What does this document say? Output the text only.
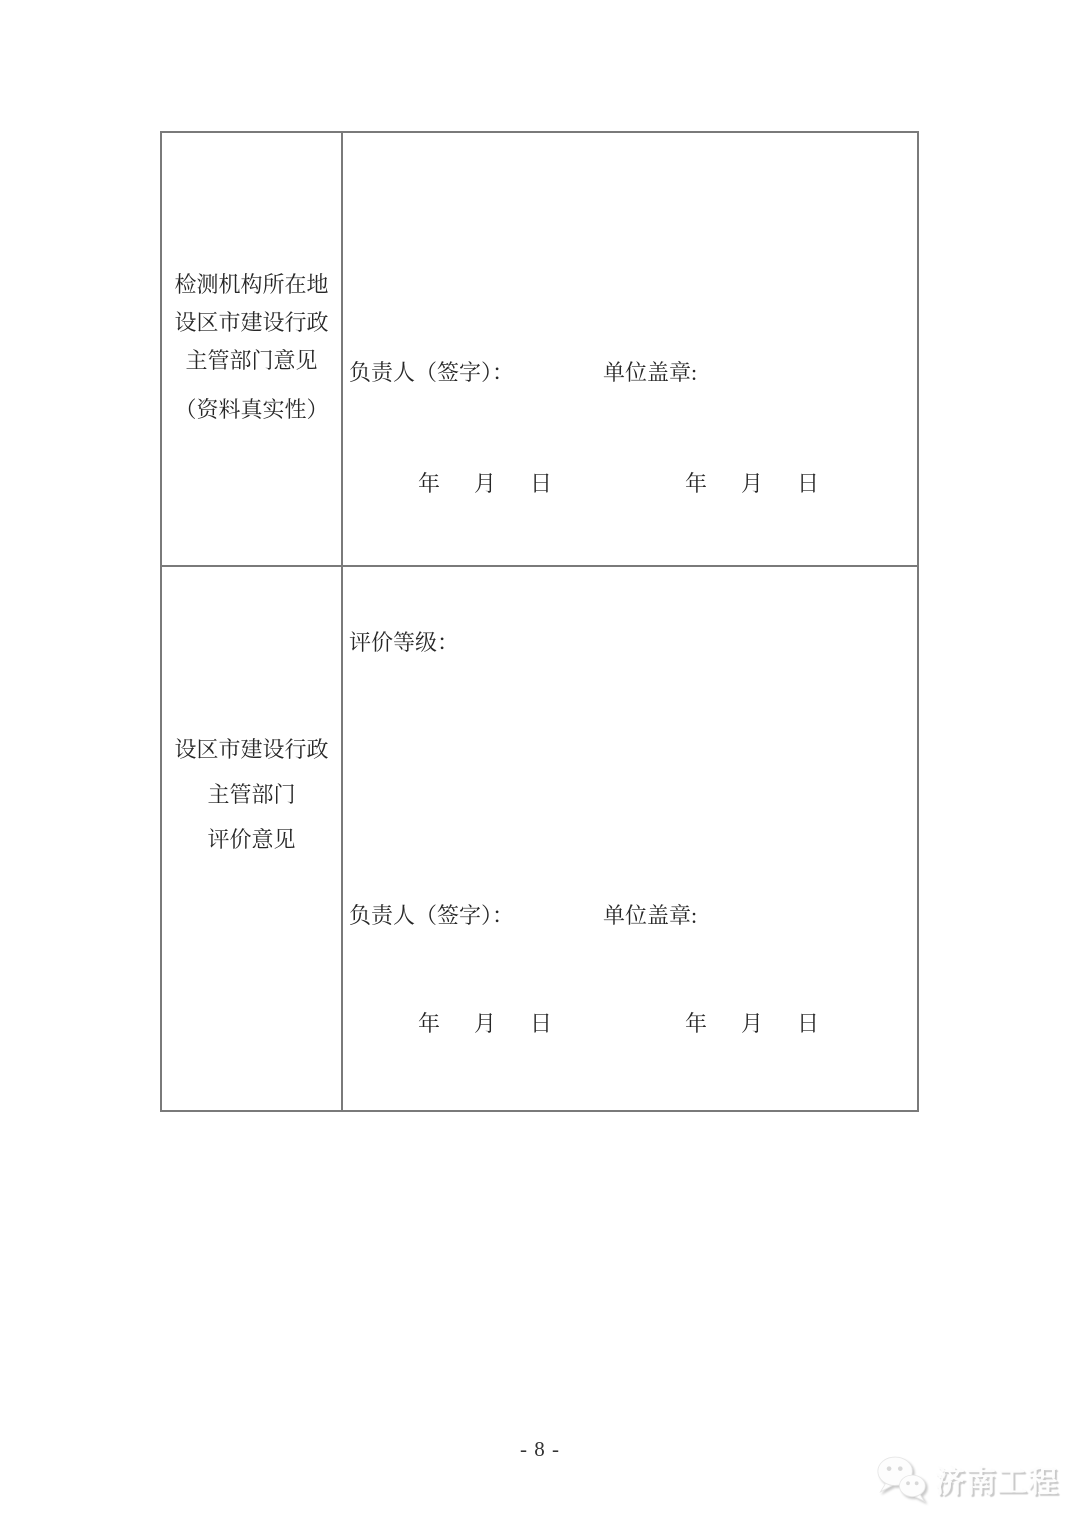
检测机构所在地
设区市建设行政
主管部门意见
（资料真实性）
负责人（签字）：	单位盖章:
年 月 日	年 月 日
设区市建设行政
主管部门
评价意见
评价等级：
负责人（签字）：	单位盖章:
年 月 日	年 月 日
- 8 -
济南工程
